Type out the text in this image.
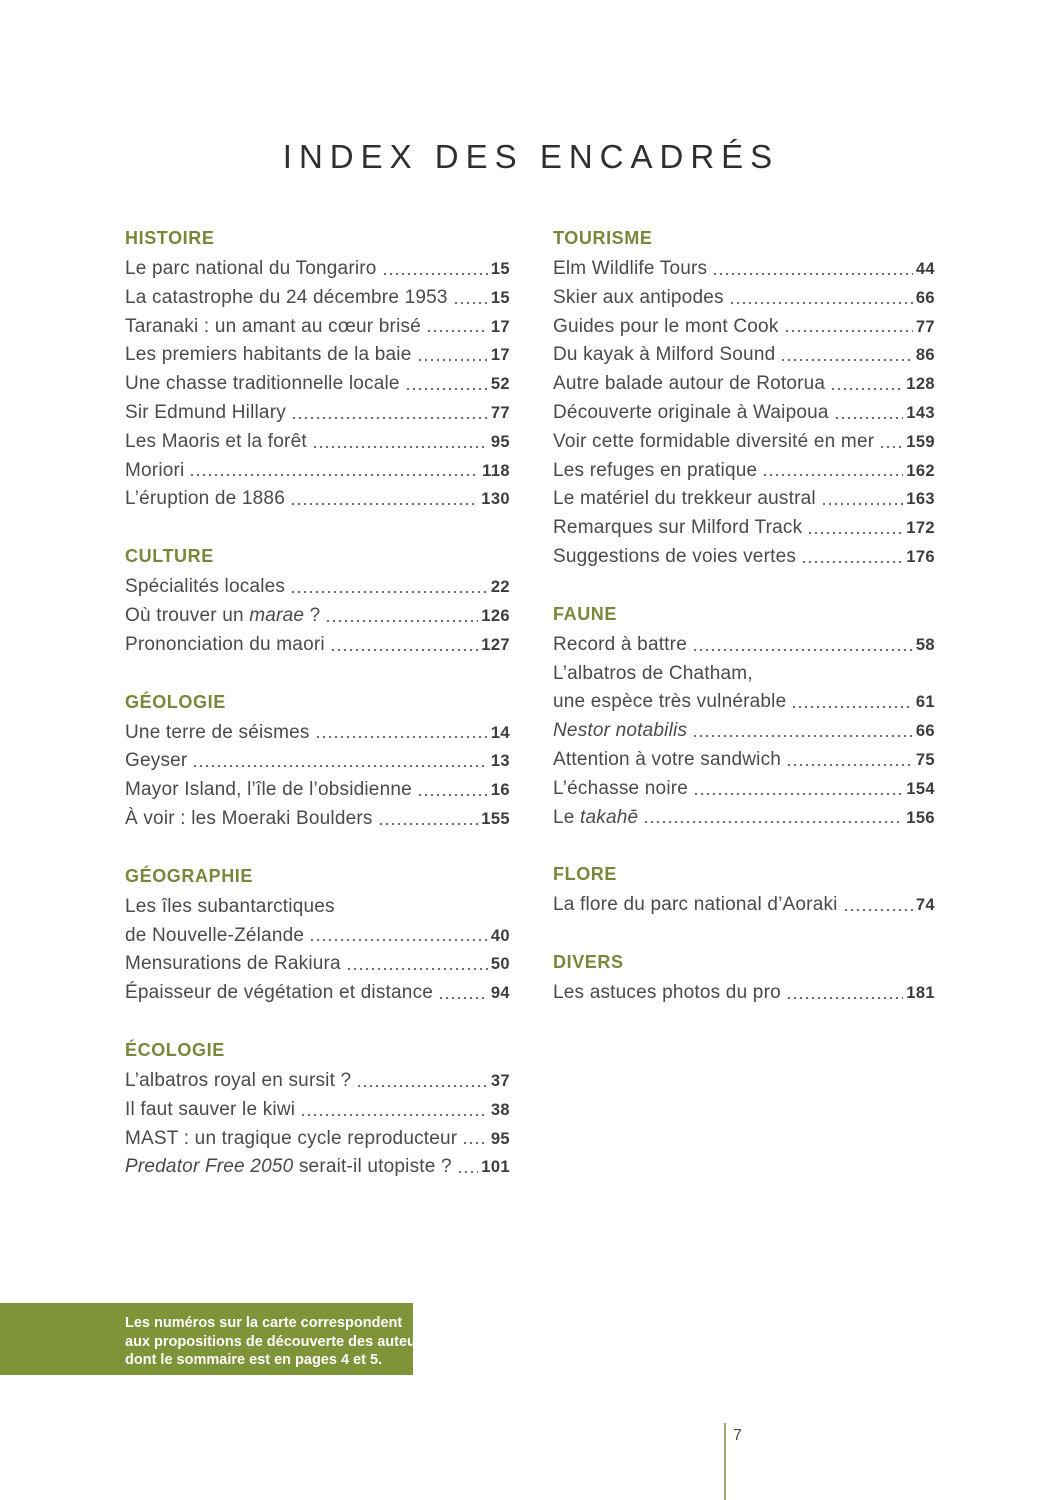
INDEX DES ENCADRÉS
HISTOIRE
Le parc national du Tongariro	15
La catastrophe du 24 décembre 1953	15
Taranaki : un amant au cœur brisé	17
Les premiers habitants de la baie	17
Une chasse traditionnelle locale	52
Sir Edmund Hillary	77
Les Maoris et la forêt	95
Moriori	118
L’éruption de 1886	130
CULTURE
Spécialités locales	22
Où trouver un marae ?	126
Prononciation du maori	127
GÉOLOGIE
Une terre de séismes	14
Geyser	13
Mayor Island, l’île de l’obsidienne	16
À voir : les Moeraki Boulders	155
GÉOGRAPHIE
Les îles subantarctiques
de Nouvelle-Zélande	40
Mensurations de Rakiura	50
Épaisseur de végétation et distance	94
ÉCOLOGIE
L’albatros royal en sursit ?	37
Il faut sauver le kiwi	38
MAST : un tragique cycle reproducteur 95
Predator Free 2050 serait-il utopiste ? 101
TOURISME
Elm Wildlife Tours	44
Skier aux antipodes	66
Guides pour le mont Cook	77
Du kayak à Milford Sound	86
Autre balade autour de Rotorua	128
Découverte originale à Waipoua	143
Voir cette formidable diversité en mer 159
Les refuges en pratique	162
Le matériel du trekkeur austral	163
Remarques sur Milford Track	172
Suggestions de voies vertes	176
FAUNE
Record à battre	58
L’albatros de Chatham,
une espèce très vulnérable	61
Nestor notabilis	66
Attention à votre sandwich	75
L’échasse noire	154
Le takahē	156
FLORE
La flore du parc national d’Aoraki	74
DIVERS
Les astuces photos du pro	181
Les numéros sur la carte correspondent
aux propositions de découverte des auteurs
dont le sommaire est en pages 4 et 5.
7
